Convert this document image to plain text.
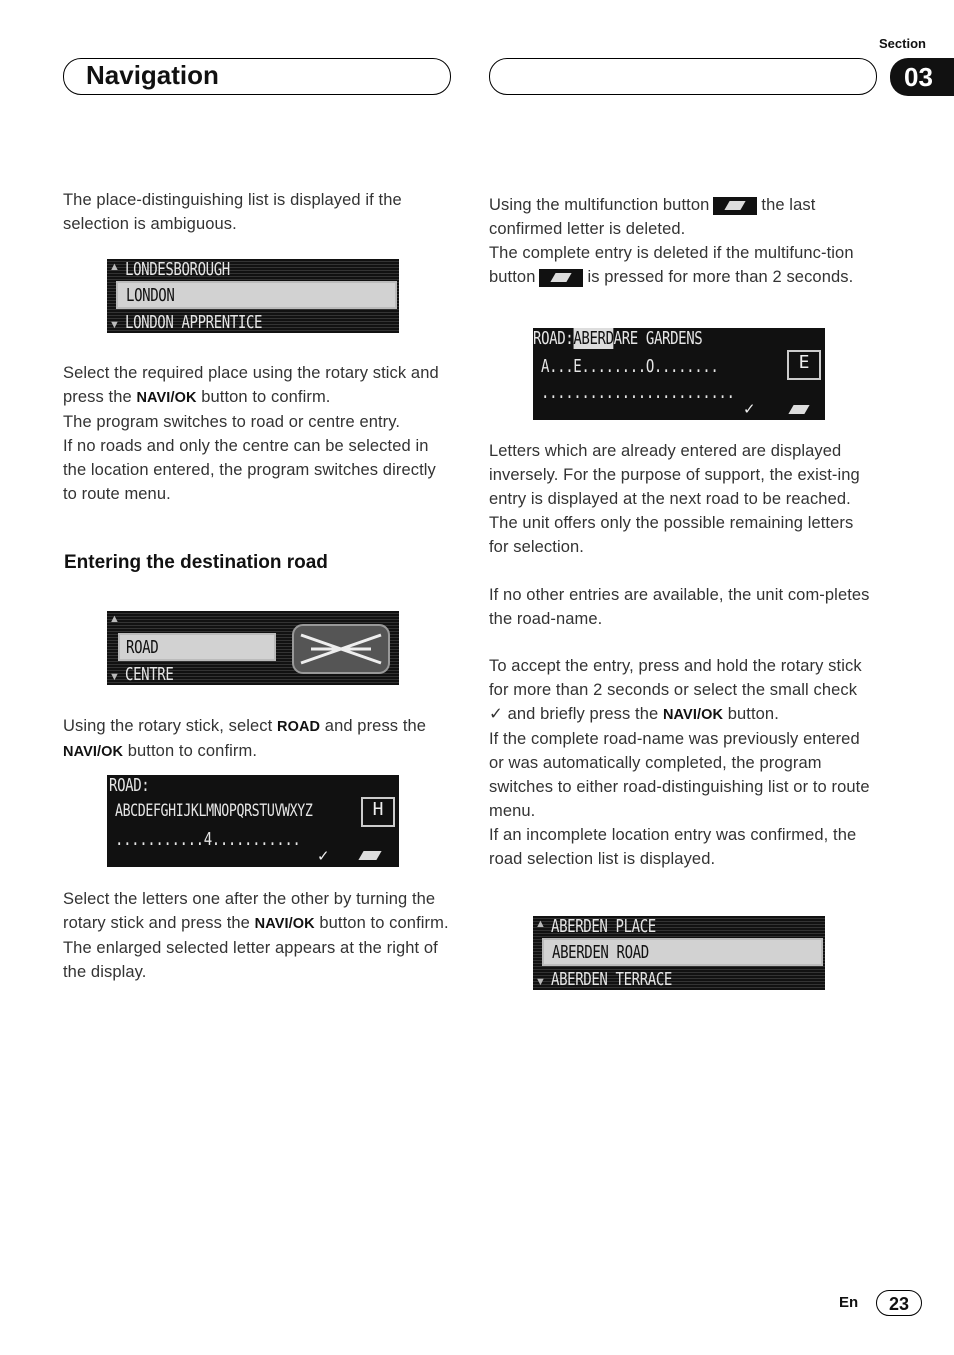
Navigation
Section
03
The place-distinguishing list is displayed if the selection is ambiguous.
▲ LONDESBOROUGH
LONDON
▼ LONDON APPRENTICE
Select the required place using the rotary stick and press the NAVI/OK button to confirm.
The program switches to road or centre entry.
If no roads and only the centre can be selected in the location entered, the program switches directly to route menu.
Entering the destination road
▲
ROAD
▼ CENTRE
Using the rotary stick, select ROAD and press the NAVI/OK button to confirm.
ROAD:
ABCDEFGHIJKLMNOPQRSTUVWXYZ
...........4...........
H
✓
Select the letters one after the other by turning the rotary stick and press the NAVI/OK button to confirm. The enlarged selected letter appears at the right of the display.
Using the multifunction button	the last confirmed letter is deleted.
The complete entry is deleted if the multifunc-tion button	is pressed for more than 2 seconds.
ROAD:ABERDARE GARDENS
A...E........O........
........................
E
✓
Letters which are already entered are displayed inversely. For the purpose of support, the exist-ing entry is displayed at the next road to be reached. The unit offers only the possible remaining letters for selection.
If no other entries are available, the unit com-pletes the road-name.
To accept the entry, press and hold the rotary stick for more than 2 seconds or select the small check ✓ and briefly press the NAVI/OK button.
If the complete road-name was previously entered or was automatically completed, the program switches to either road-distinguishing list or to route menu.
If an incomplete location entry was confirmed, the road selection list is displayed.
▲ ABERDEN PLACE
ABERDEN ROAD
▼ ABERDEN TERRACE
En	23
